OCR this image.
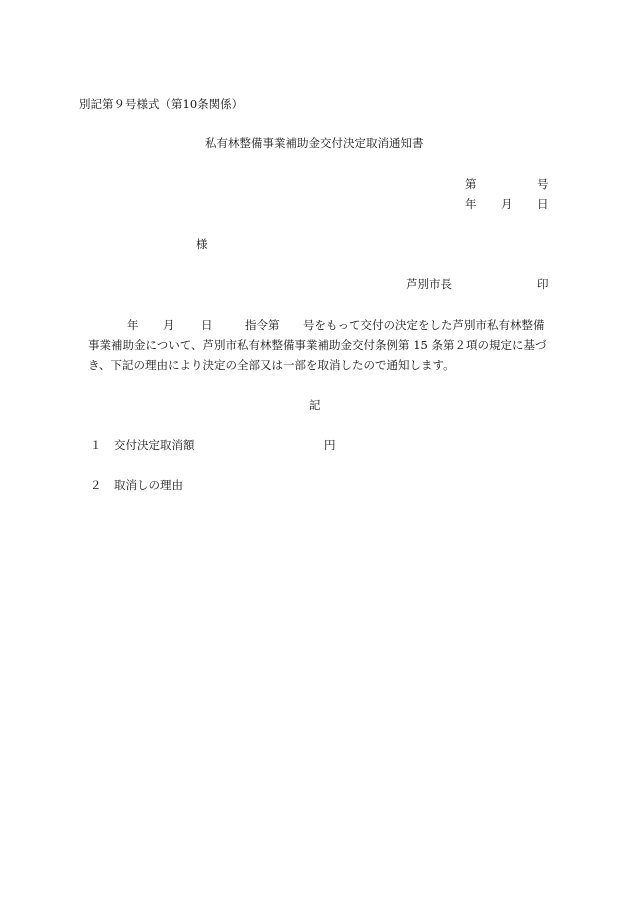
別記第９号様式（第10条関係）
私有林整備事業補助金交付決定取消通知書
第	号
年 月 日
様
芦別市長	印
年 月 日	指令第 号をもって交付の決定をした芦別市私有林整備
事業補助金について、芦別市私有林整備事業補助金交付条例第 15 条第２項の規定に基づ
き、下記の理由により決定の全部又は一部を取消したので通知します。
記
１ 交付決定取消額	円
２ 取消しの理由
